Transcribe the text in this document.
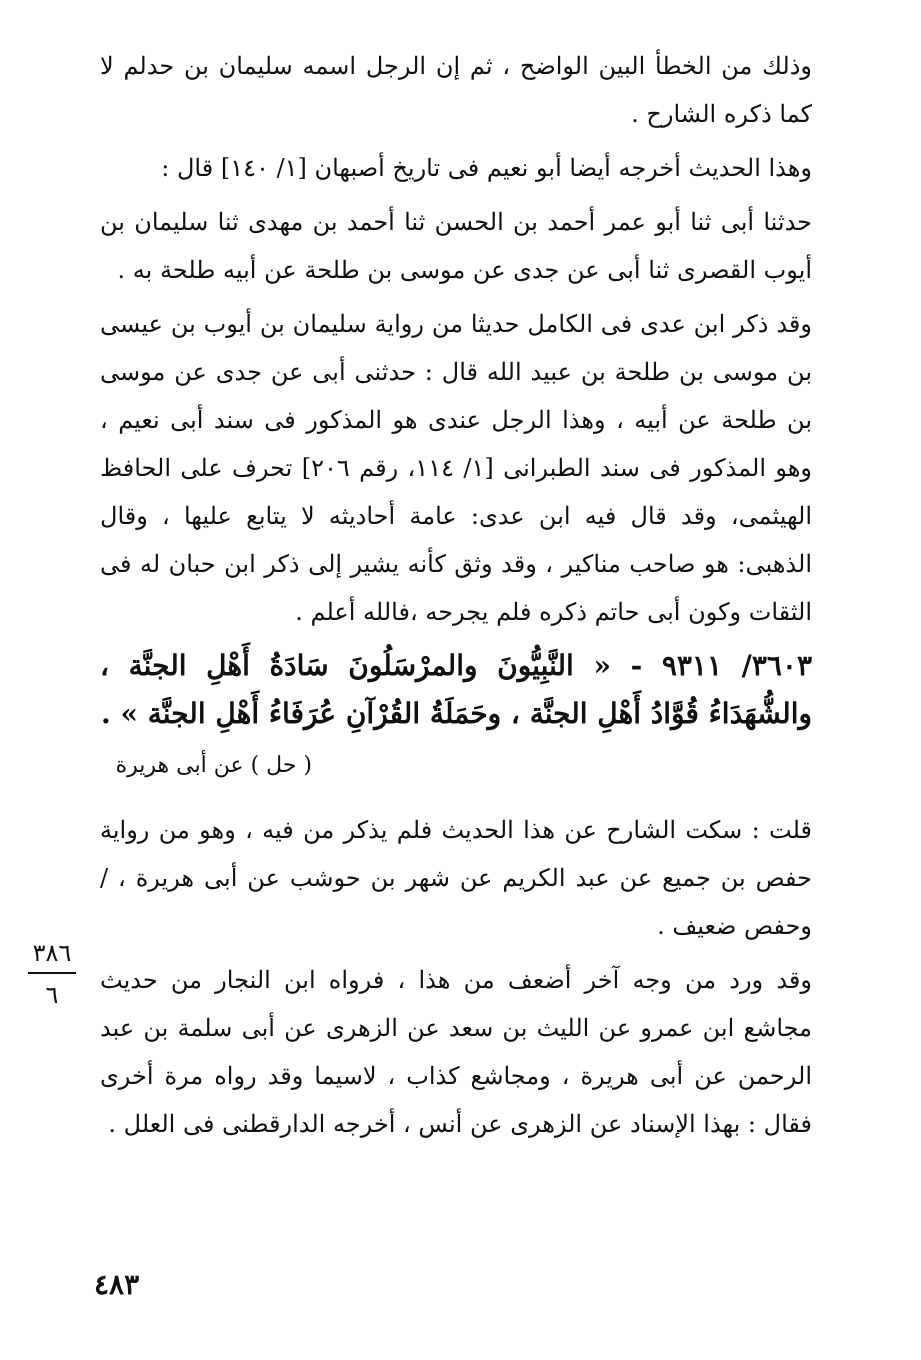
وذلك من الخطأ البين الواضح ، ثم إن الرجل اسمه سليمان بن حدلم لا كما ذكره الشارح .

وهذا الحديث أخرجه أيضا أبو نعيم فى تاريخ أصبهان [١/ ١٤٠] قال :

حدثنا أبى ثنا أبو عمر أحمد بن الحسن ثنا أحمد بن مهدى ثنا سليمان بن أيوب القصرى ثنا أبى عن جدى عن موسى بن طلحة عن أبيه طلحة به .

وقد ذكر ابن عدى فى الكامل حديثا من رواية سليمان بن أيوب بن عيسى بن موسى بن طلحة بن عبيد الله قال : حدثنى أبى عن جدى عن موسى بن طلحة عن أبيه ، وهذا الرجل عندى هو المذكور فى سند أبى نعيم ، وهو المذكور فى سند الطبرانى [١/ ١١٤، رقم ٢٠٦] تحرف على الحافظ الهيثمى، وقد قال فيه ابن عدى: عامة أحاديثه لا يتابع عليها ، وقال الذهبى: هو صاحب مناكير ، وقد وثق كأنه يشير إلى ذكر ابن حبان له فى الثقات وكون أبى حاتم ذكره فلم يجرحه ،فالله أعلم .

٣٦٠٣/ ٩٣١١ - « النَّبِيُّونَ والمرْسَلُونَ سَادَةُ أَهْلِ الجنَّة ، والشُّهَدَاءُ قُوَّادُ أَهْلِ الجنَّة ، وحَمَلَةُ القُرْآنِ عُرَفَاءُ أَهْلِ الجنَّة » .

( حل ) عن أبى هريرة

قلت : سكت الشارح عن هذا الحديث فلم يذكر من فيه ، وهو من رواية حفص بن جميع عن عبد الكريم عن شهر بن حوشب عن أبى هريرة ، / وحفص ضعيف .

وقد ورد من وجه آخر أضعف من هذا ، فرواه ابن النجار من حديث مجاشع ابن عمرو عن الليث بن سعد عن الزهرى عن أبى سلمة بن عبد الرحمن عن أبى هريرة ، ومجاشع كذاب ، لاسيما وقد رواه مرة أخرى فقال : بهذا الإسناد عن الزهرى عن أنس ، أخرجه الدارقطنى فى العلل .

٣٨٦
٦
٤٨٣
